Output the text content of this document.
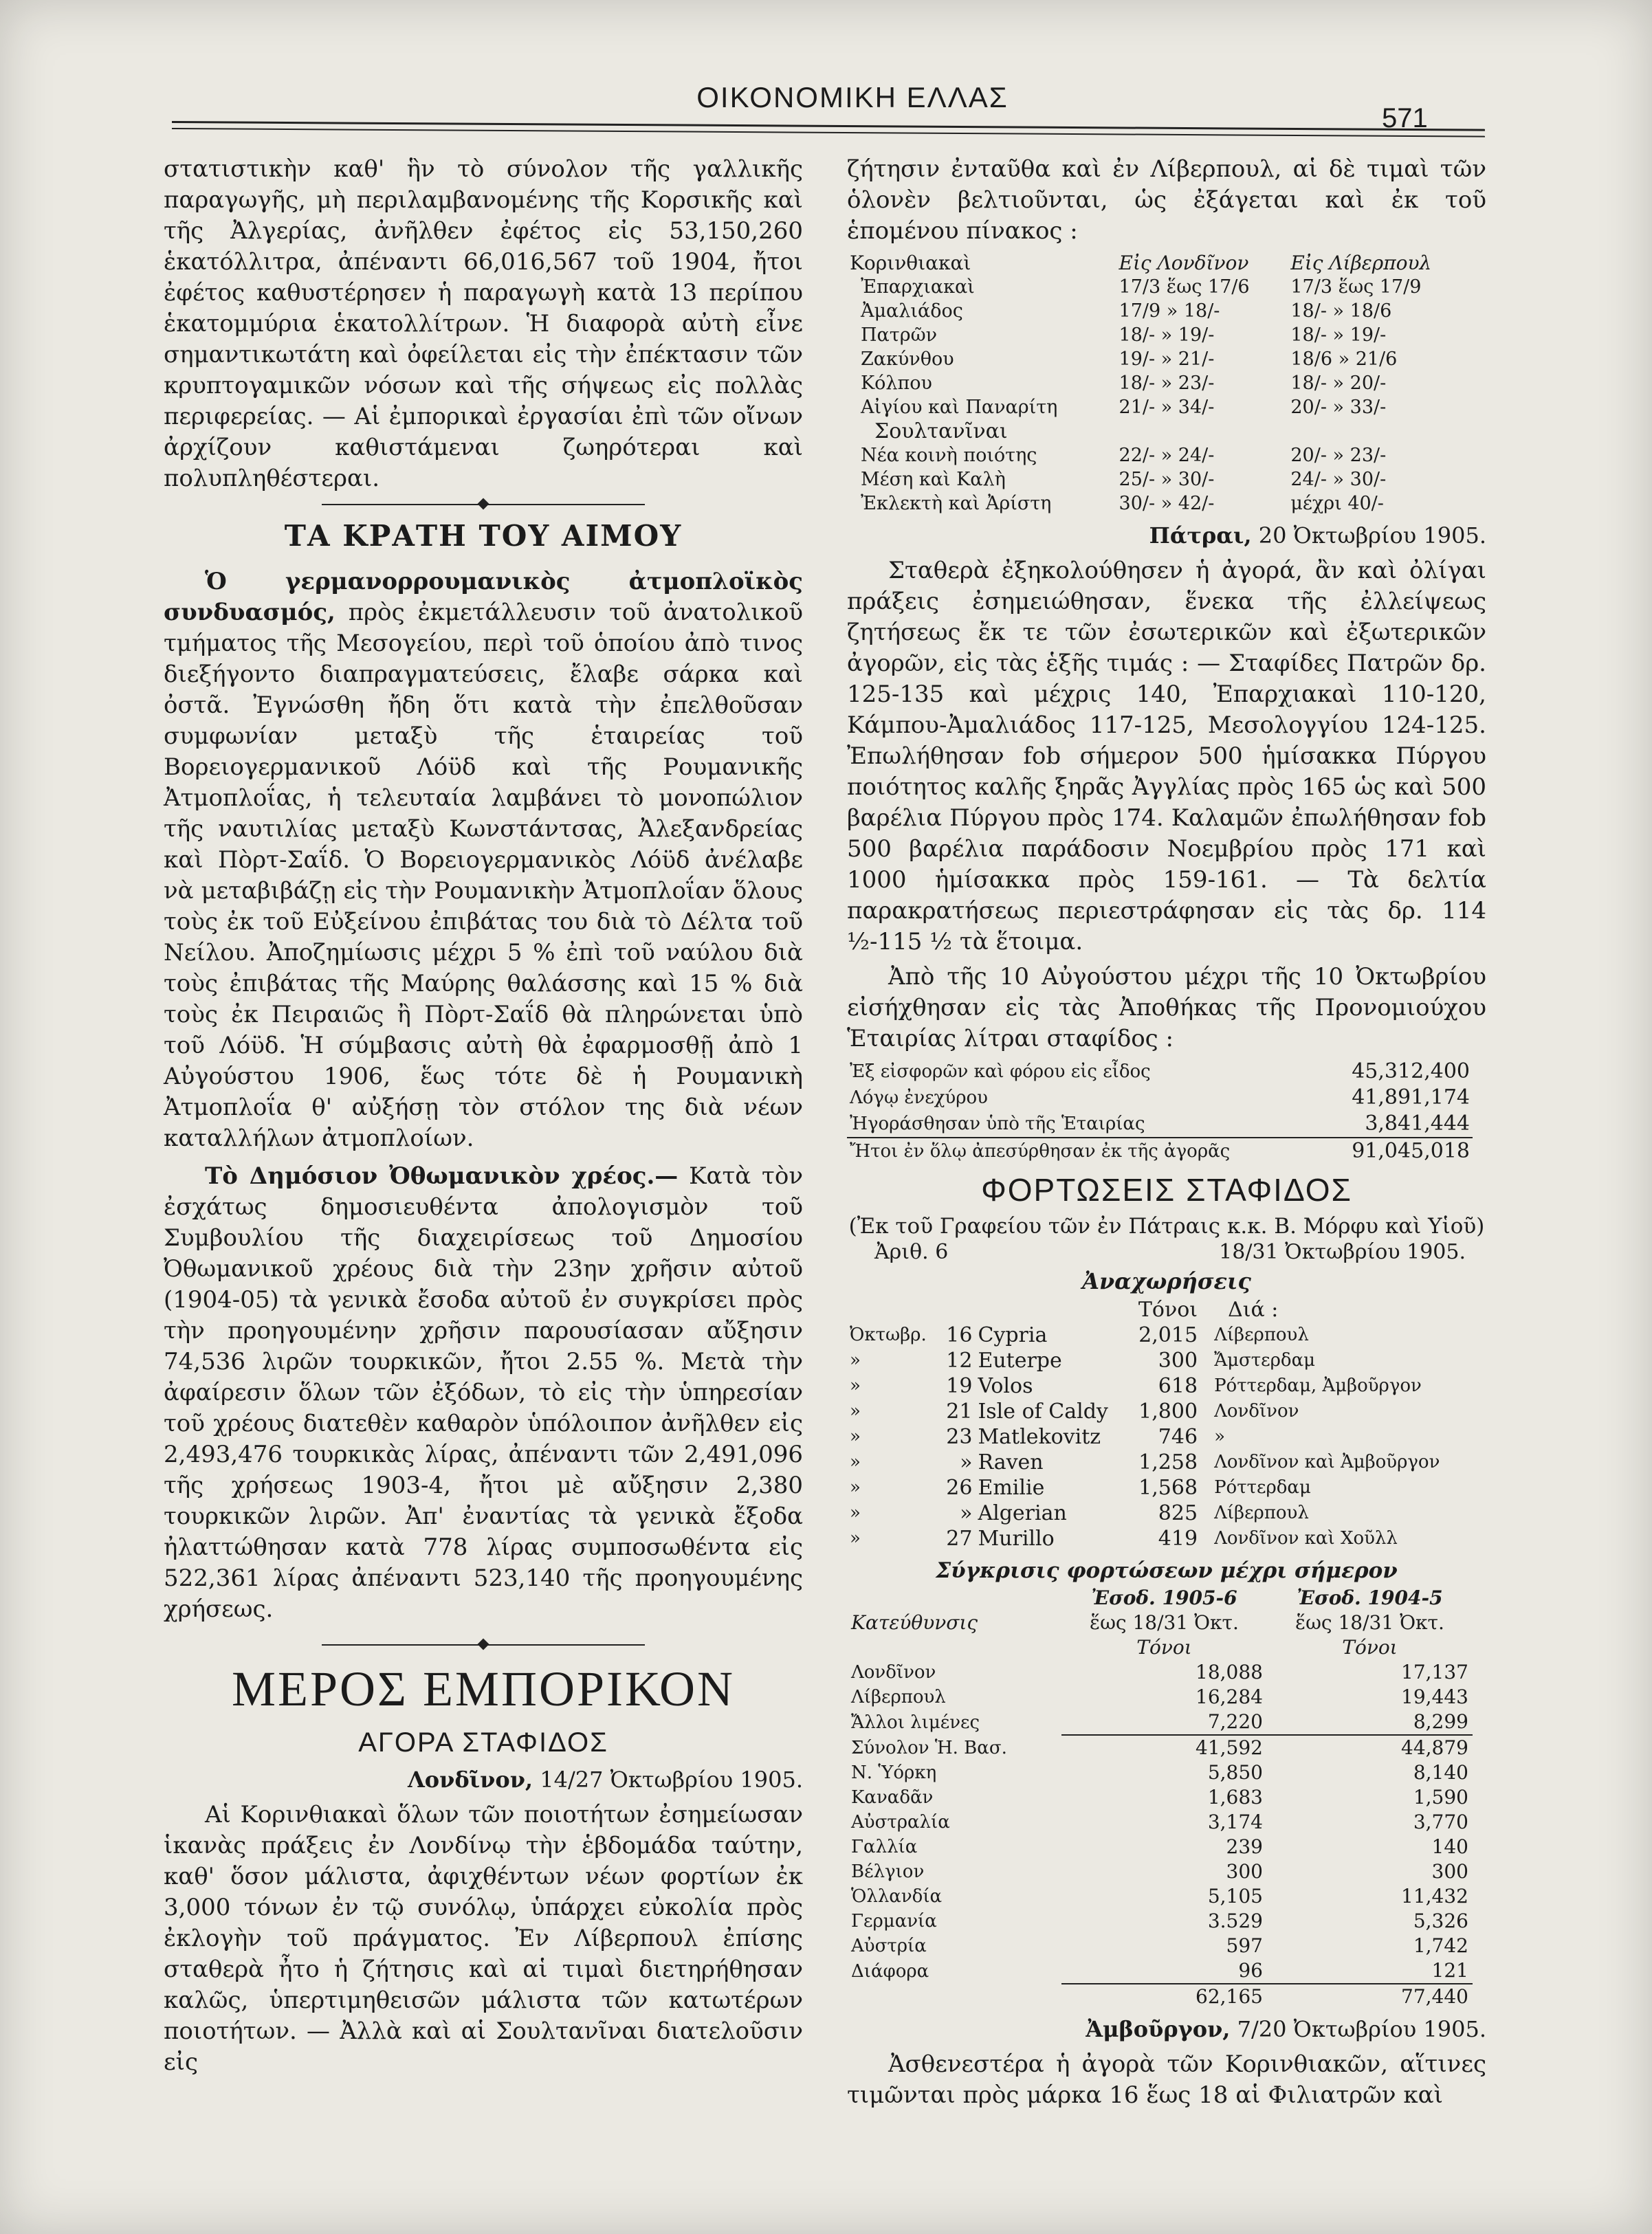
ΟΙΚΟΝΟΜΙΚΗ ΕΛΛΑΣ
571

στατιστικὴν καθ' ἣν τὸ σύνολον τῆς γαλλικῆς παραγωγῆς, μὴ περιλαμβανομένης τῆς Κορσικῆς καὶ τῆς Ἀλγερίας, ἀνῆλθεν ἐφέτος εἰς 53,150,260 ἑκατόλλιτρα, ἀπέναντι 66,016,567 τοῦ 1904, ἤτοι ἐφέτος καθυστέρησεν ἡ παραγωγὴ κατὰ 13 περίπου ἑκατομμύρια ἑκατολλίτρων. Ἡ διαφορὰ αὐτὴ εἶνε σημαντικωτάτη καὶ ὀφείλεται εἰς τὴν ἐπέκτασιν τῶν κρυπτογαμικῶν νόσων καὶ τῆς σήψεως εἰς πολλὰς περιφερείας. — Αἱ ἐμπορικαὶ ἐργασίαι ἐπὶ τῶν οἴνων ἀρχίζουν καθιστάμεναι ζωηρότεραι καὶ πολυπληθέστεραι.

ΤΑ ΚΡΑΤΗ ΤΟΥ ΑΙΜΟΥ

Ὁ γερμανορρουμανικὸς ἀτμοπλοϊκὸς συνδυασμός, πρὸς ἐκμετάλλευσιν τοῦ ἀνατολικοῦ τμήματος τῆς Μεσογείου, περὶ τοῦ ὁποίου ἀπὸ τινος διεξήγοντο διαπραγματεύσεις, ἔλαβε σάρκα καὶ ὀστᾶ. Ἐγνώσθη ἤδη ὅτι κατὰ τὴν ἐπελθοῦσαν συμφωνίαν μεταξὺ τῆς ἑταιρείας τοῦ Βορειογερμανικοῦ Λόϋδ καὶ τῆς Ρουμανικῆς Ἀτμοπλοΐας, ἡ τελευταία λαμβάνει τὸ μονοπώλιον τῆς ναυτιλίας μεταξὺ Κωνστάντσας, Ἀλεξανδρείας καὶ Πὸρτ-Σαΐδ. Ὁ Βορειογερμανικὸς Λόϋδ ἀνέλαβε νὰ μεταβιβάζῃ εἰς τὴν Ρουμανικὴν Ἀτμοπλοΐαν ὅλους τοὺς ἐκ τοῦ Εὐξείνου ἐπιβάτας του διὰ τὸ Δέλτα τοῦ Νείλου. Ἀποζημίωσις μέχρι 5 % ἐπὶ τοῦ ναύλου διὰ τοὺς ἐπιβάτας τῆς Μαύρης θαλάσσης καὶ 15 % διὰ τοὺς ἐκ Πειραιῶς ἢ Πὸρτ-Σαΐδ θὰ πληρώνεται ὑπὸ τοῦ Λόϋδ. Ἡ σύμβασις αὐτὴ θὰ ἐφαρμοσθῇ ἀπὸ 1 Αὐγούστου 1906, ἕως τότε δὲ ἡ Ρουμανικὴ Ἀτμοπλοΐα θ' αὐξήσῃ τὸν στόλον της διὰ νέων καταλλήλων ἀτμοπλοίων.

Τὸ Δημόσιον Ὀθωμανικὸν χρέος.— Κατὰ τὸν ἐσχάτως δημοσιευθέντα ἀπολογισμὸν τοῦ Συμβουλίου τῆς διαχειρίσεως τοῦ Δημοσίου Ὀθωμανικοῦ χρέους διὰ τὴν 23ην χρῆσιν αὐτοῦ (1904-05) τὰ γενικὰ ἔσοδα αὐτοῦ ἐν συγκρίσει πρὸς τὴν προηγουμένην χρῆσιν παρουσίασαν αὔξησιν 74,536 λιρῶν τουρκικῶν, ἤτοι 2.55 %. Μετὰ τὴν ἀφαίρεσιν ὅλων τῶν ἐξόδων, τὸ εἰς τὴν ὑπηρεσίαν τοῦ χρέους διατεθὲν καθαρὸν ὑπόλοιπον ἀνῆλθεν εἰς 2,493,476 τουρκικὰς λίρας, ἀπέναντι τῶν 2,491,096 τῆς χρήσεως 1903-4, ἤτοι μὲ αὔξησιν 2,380 τουρκικῶν λιρῶν. Ἀπ' ἐναντίας τὰ γενικὰ ἔξοδα ἠλαττώθησαν κατὰ 778 λίρας συμποσωθέντα εἰς 522,361 λίρας ἀπέναντι 523,140 τῆς προηγουμένης χρήσεως.

ΜΕΡΟΣ ΕΜΠΟΡΙΚΟΝ
ΑΓΟΡΑ ΣΤΑΦΙΔΟΣ
Λονδῖνον, 14/27 Ὀκτωβρίου 1905.

Αἱ Κορινθιακαὶ ὅλων τῶν ποιοτήτων ἐσημείωσαν ἱκανὰς πράξεις ἐν Λονδίνῳ τὴν ἑβδομάδα ταύτην, καθ' ὅσον μάλιστα, ἀφιχθέντων νέων φορτίων ἐκ 3,000 τόνων ἐν τῷ συνόλῳ, ὑπάρχει εὐκολία πρὸς ἐκλογὴν τοῦ πράγματος. Ἐν Λίβερπουλ ἐπίσης σταθερὰ ἦτο ἡ ζήτησις καὶ αἱ τιμαὶ διετηρήθησαν καλῶς, ὑπερτιμηθεισῶν μάλιστα τῶν κατωτέρων ποιοτήτων. — Ἀλλὰ καὶ αἱ Σουλτανῖναι διατελοῦσιν εἰς

ζήτησιν ἐνταῦθα καὶ ἐν Λίβερπουλ, αἱ δὲ τιμαὶ τῶν ὁλονὲν βελτιοῦνται, ὡς ἐξάγεται καὶ ἐκ τοῦ ἑπομένου πίνακος :

Κορινθιακαὶ	Εἰς Λονδῖνον	Εἰς Λίβερπουλ
Ἐπαρχιακαὶ	17/3 ἕως 17/6	17/3 ἕως 17/9
Ἀμαλιάδος	17/9 » 18/-	18/- » 18/6
Πατρῶν	18/- » 19/-	18/- » 19/-
Ζακύνθου	19/- » 21/-	18/6 » 21/6
Κόλπου	18/- » 23/-	18/- » 20/-
Αἰγίου καὶ Παναρίτη	21/- » 34/-	20/- » 33/-
Σουλτανῖναι		
Νέα κοινὴ ποιότης	22/- » 24/-	20/- » 23/-
Μέση καὶ Καλὴ	25/- » 30/-	24/- » 30/-
Ἐκλεκτὴ καὶ Ἀρίστη	30/- » 42/-	μέχρι 40/-
Πάτραι, 20 Ὀκτωβρίου 1905.

Σταθερὰ ἐξηκολούθησεν ἡ ἀγορά, ἂν καὶ ὀλίγαι πράξεις ἐσημειώθησαν, ἕνεκα τῆς ἐλλείψεως ζητήσεως ἔκ τε τῶν ἐσωτερικῶν καὶ ἐξωτερικῶν ἀγορῶν, εἰς τὰς ἑξῆς τιμάς : — Σταφίδες Πατρῶν δρ. 125-135 καὶ μέχρις 140, Ἐπαρχιακαὶ 110-120, Κάμπου-Ἀμαλιάδος 117-125, Μεσολογγίου 124-125. Ἐπωλήθησαν fob σήμερον 500 ἡμίσακκα Πύργου ποιότητος καλῆς ξηρᾶς Ἀγγλίας πρὸς 165 ὡς καὶ 500 βαρέλια Πύργου πρὸς 174. Καλαμῶν ἐπωλήθησαν fob 500 βαρέλια παράδοσιν Νοεμβρίου πρὸς 171 καὶ 1000 ἡμίσακκα πρὸς 159-161. — Τὰ δελτία παρακρατήσεως περιεστράφησαν εἰς τὰς δρ. 114 ½-115 ½ τὰ ἕτοιμα.

Ἀπὸ τῆς 10 Αὐγούστου μέχρι τῆς 10 Ὀκτωβρίου εἰσήχθησαν εἰς τὰς Ἀποθήκας τῆς Προνομιούχου Ἑταιρίας λίτραι σταφίδος :

Ἐξ εἰσφορῶν καὶ φόρου εἰς εἶδος	45,312,400
Λόγῳ ἐνεχύρου	41,891,174
Ἠγοράσθησαν ὑπὸ τῆς Ἑταιρίας	3,841,444
Ἤτοι ἐν ὅλῳ ἀπεσύρθησαν ἐκ τῆς ἀγορᾶς	91,045,018
ΦΟΡΤΩΣΕΙΣ ΣΤΑΦΙΔΟΣ
(Ἐκ τοῦ Γραφείου τῶν ἐν Πάτραις κ.κ. Β. Μόρφυ καὶ Υἱοῦ)
Ἀριθ. 6	18/31 Ὀκτωβρίου 1905.
Ἀναχωρήσεις
			Τόνοι	Διά :
Ὀκτωβρ.	16	Cypria	2,015	Λίβερπουλ
»	12	Euterpe	300	Ἄμστερδαμ
»	19	Volos	618	Ρόττερδαμ, Ἀμβοῦργον
»	21	Isle of Caldy	1,800	Λονδῖνον
»	23	Matlekovitz	746	»
»	»	Raven	1,258	Λονδῖνον καὶ Ἀμβοῦργον
»	26	Emilie	1,568	Ρόττερδαμ
»	»	Algerian	825	Λίβερπουλ
»	27	Murillo	419	Λονδῖνον καὶ Χοῦλλ
Σύγκρισις φορτώσεων μέχρι σήμερον
Κατεύθυνσις	Ἐσοδ. 1905-6	Ἐσοδ. 1904-5
	ἕως 18/31 Ὀκτ.	ἕως 18/31 Ὀκτ.
	Τόνοι	Τόνοι
Λονδῖνον	18,088	17,137
Λίβερπουλ	16,284	19,443
Ἄλλοι λιμένες	7,220	8,299
Σύνολον Ἡ. Βασ.	41,592	44,879
Ν. Ὑόρκη	5,850	8,140
Καναδᾶν	1,683	1,590
Αὐστραλία	3,174	3,770
Γαλλία	239	140
Βέλγιον	300	300
Ὁλλανδία	5,105	11,432
Γερμανία	3.529	5,326
Αὐστρία	597	1,742
Διάφορα	96	121
	62,165	77,440
Ἀμβοῦργον, 7/20 Ὀκτωβρίου 1905.

Ἀσθενεστέρα ἡ ἀγορὰ τῶν Κορινθιακῶν, αἵτινες τιμῶνται πρὸς μάρκα 16 ἕως 18 αἱ Φιλιατρῶν καὶ
